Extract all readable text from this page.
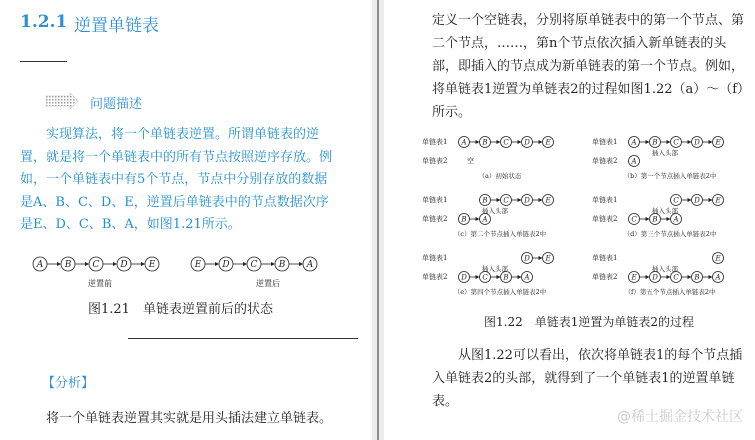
1.2.1 逆置单链表
问题描述

实现算法，将一个单链表逆置。所谓单链表的逆

置，就是将一个单链表中的所有节点按照逆序存放。例

如，一个单链表中有5个节点，节点中分别存放的数据

是A、B、C、D、E，逆置后单链表中的节点数据次序

是E、D、C、B、A，如图1.21所示。

逆置前	逆置后
A B C D E	E D C B A
图1.21　单链表逆置前后的状态
【分析】
将一个单链表逆置其实就是用头插法建立单链表。

定义一个空链表，分别将原单链表中的第一个节点、第

二个节点，……，第n个节点依次插入新单链表的头

部，即插入的节点成为新单链表的第一个节点。例如，

将单链表1逆置为单链表2的过程如图1.22（a）～（f）

所示。

单链表1
单链表2
A B C D E
空
（a）初始状态
单链表1
单链表2
A B C D E
A
插入头部
（b）第一个节点插入单链表2中
单链表1
单链表2
B C D E
B A
插入头部
（c）第二个节点插入单链表2中
单链表1
单链表2
C D E
C B A
插入头部
（d）第三个节点插入单链表2中
单链表1
单链表2
D E
D C B A
插入头部
（e）第四个节点插入单链表2中
单链表1
单链表2
E
E D C B A
插入头部
（f）第五个节点插入单链表2中
图1.22　单链表1逆置为单链表2的过程

从图1.22可以看出，依次将单链表1的每个节点插

入单链表2的头部，就得到了一个单链表1的逆置单链

表。

@稀土掘金技术社区
